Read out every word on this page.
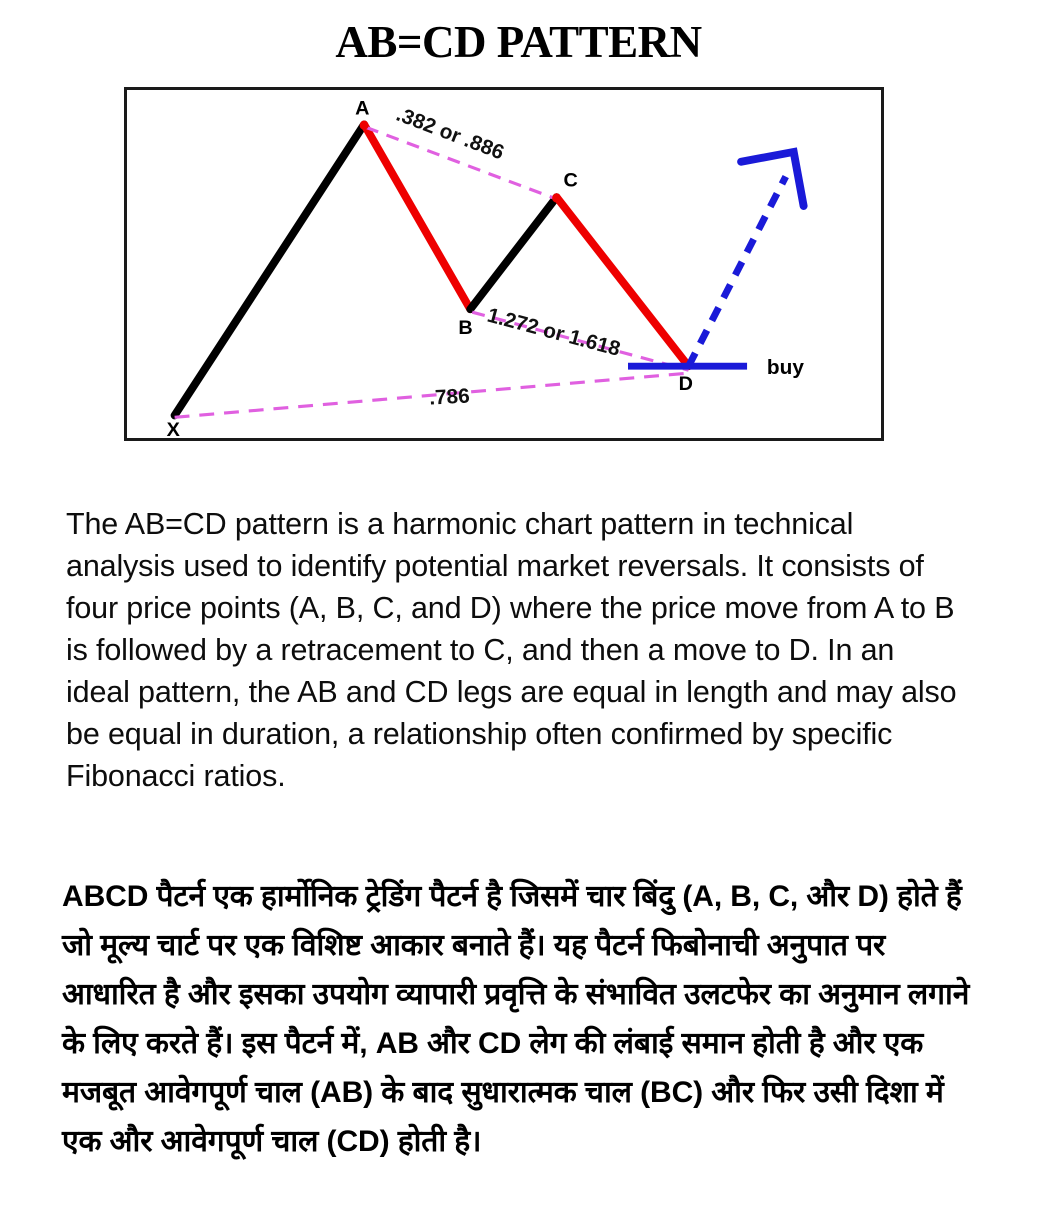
AB=CD PATTERN
X
A
B
C
D
.382 or .886
1.272 or 1.618
.786
buy

The AB=CD pattern is a harmonic chart pattern in technical analysis used to identify potential market reversals. It consists of four price points (A, B, C, and D) where the price move from A to B is followed by a retracement to C, and then a move to D. In an ideal pattern, the AB and CD legs are equal in length and may also be equal in duration, a relationship often confirmed by specific Fibonacci ratios.

ABCD पैटर्न एक हार्मोनिक ट्रेडिंग पैटर्न है जिसमें चार बिंदु (A, B, C, और D) होते हैं जो मूल्य चार्ट पर एक विशिष्ट आकार बनाते हैं। यह पैटर्न फिबोनाची अनुपात पर आधारित है और इसका उपयोग व्यापारी प्रवृत्ति के संभावित उलटफेर का अनुमान लगाने के लिए करते हैं। इस पैटर्न में, AB और CD लेग की लंबाई समान होती है और एक मजबूत आवेगपूर्ण चाल (AB) के बाद सुधारात्मक चाल (BC) और फिर उसी दिशा में एक और आवेगपूर्ण चाल (CD) होती है।
